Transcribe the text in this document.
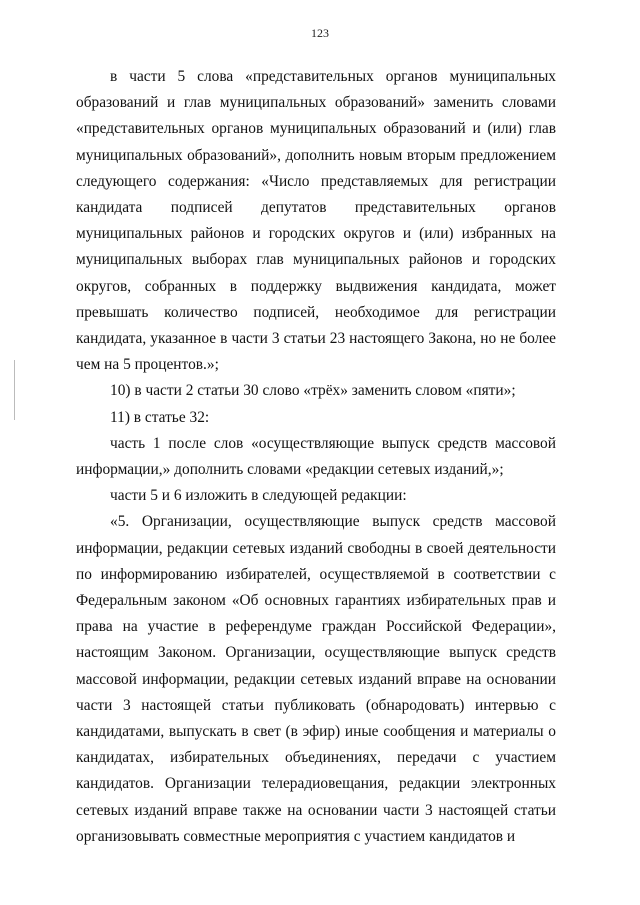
123

в части 5 слова «представительных органов муниципальных образований и глав муниципальных образований» заменить словами «представительных органов муниципальных образований и (или) глав муниципальных образований», дополнить новым вторым предложением следующего содержания: «Число представляемых для регистрации кандидата подписей депутатов представительных органов муниципальных районов и городских округов и (или) избранных на муниципальных выборах глав муниципальных районов и городских округов, собранных в поддержку выдвижения кандидата, может превышать количество подписей, необходимое для регистрации кандидата, указанное в части 3 статьи 23 настоящего Закона, но не более чем на 5 процентов.»;

10) в части 2 статьи 30 слово «трёх» заменить словом «пяти»;

11) в статье 32:

часть 1 после слов «осуществляющие выпуск средств массовой информации,» дополнить словами «редакции сетевых изданий,»;

части 5 и 6 изложить в следующей редакции:

«5. Организации, осуществляющие выпуск средств массовой информации, редакции сетевых изданий свободны в своей деятельности по информированию избирателей, осуществляемой в соответствии с Федеральным законом «Об основных гарантиях избирательных прав и права на участие в референдуме граждан Российской Федерации», настоящим Законом. Организации, осуществляющие выпуск средств массовой информации, редакции сетевых изданий вправе на основании части 3 настоящей статьи публиковать (обнародовать) интервью с кандидатами, выпускать в свет (в эфир) иные сообщения и материалы о кандидатах, избирательных объединениях, передачи с участием кандидатов. Организации телерадиовещания, редакции электронных сетевых изданий вправе также на основании части 3 настоящей статьи организовывать совместные мероприятия с участием кандидатов и
